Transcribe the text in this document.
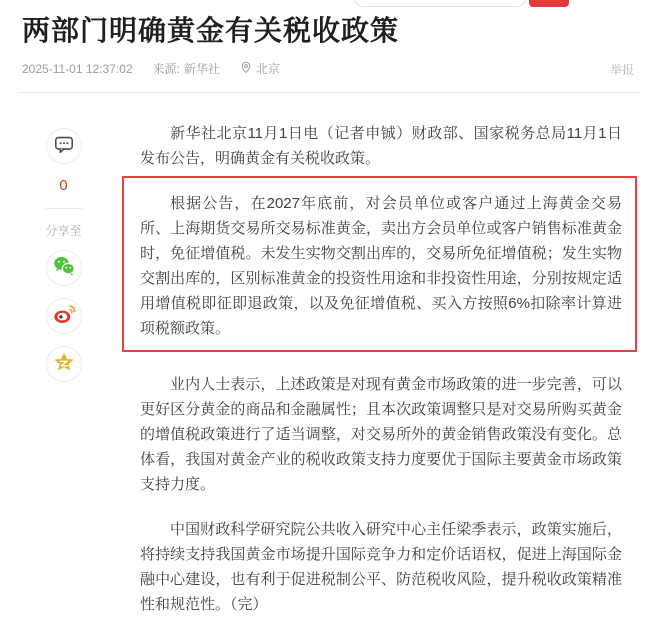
两部门明确黄金有关税收政策
2025-11-01 12:37:02 来源: 新华社	北京	举报
0
分享至

新华社北京11月1日电（记者申铖）财政部、国家税务总局11月1日发布公告，明确黄金有关税收政策。

根据公告，在2027年底前，对会员单位或客户通过上海黄金交易所、上海期货交易所交易标准黄金，卖出方会员单位或客户销售标准黄金时，免征增值税。未发生实物交割出库的，交易所免征增值税；发生实物交割出库的，区别标准黄金的投资性用途和非投资性用途，分别按规定适用增值税即征即退政策，以及免征增值税、买入方按照6%扣除率计算进项税额政策。

业内人士表示，上述政策是对现有黄金市场政策的进一步完善，可以更好区分黄金的商品和金融属性；且本次政策调整只是对交易所购买黄金的增值税政策进行了适当调整，对交易所外的黄金销售政策没有变化。总体看，我国对黄金产业的税收政策支持力度要优于国际主要黄金市场政策支持力度。

中国财政科学研究院公共收入研究中心主任梁季表示，政策实施后，将持续支持我国黄金市场提升国际竞争力和定价话语权，促进上海国际金融中心建设，也有利于促进税制公平、防范税收风险，提升税收政策精准性和规范性。（完）
